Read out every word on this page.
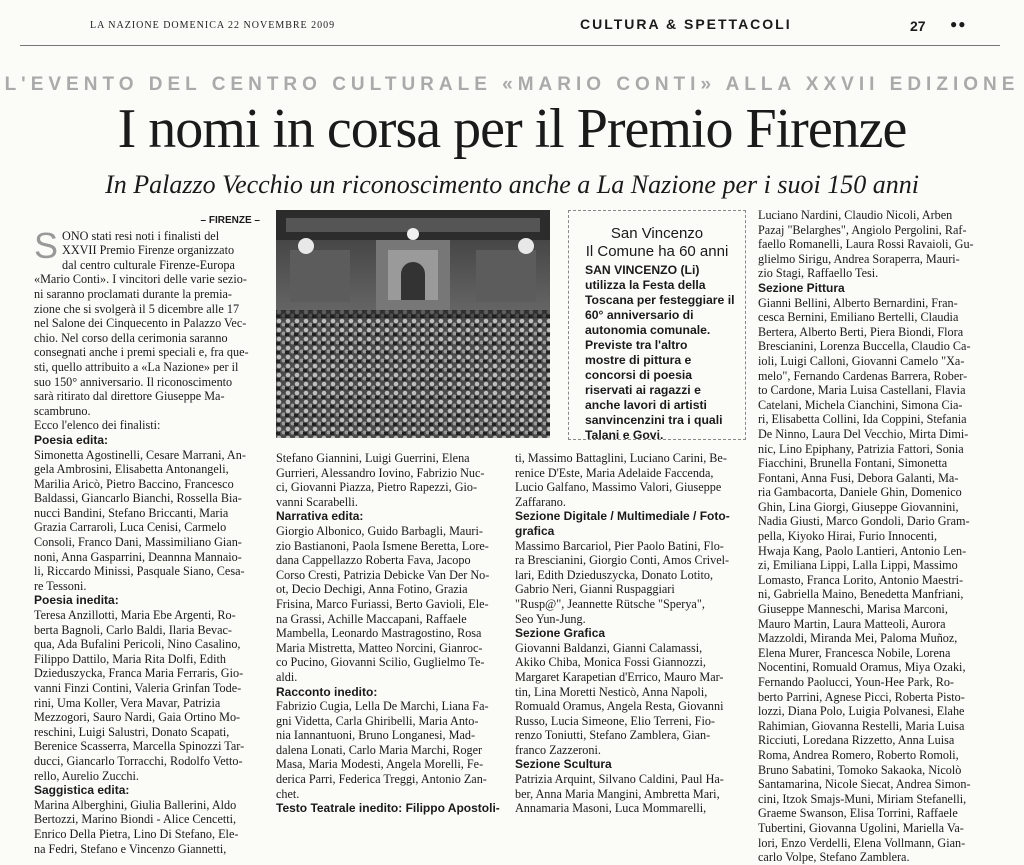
LA NAZIONE DOMENICA 22 NOVEMBRE 2009	CULTURA & SPETTACOLI	27 ●●
L'EVENTO DEL CENTRO CULTURALE «MARIO CONTI» ALLA XXVII EDIZIONE
I nomi in corsa per il Premio Firenze
In Palazzo Vecchio un riconoscimento anche a La Nazione per i suoi 150 anni
– FIRENZE –
S ONO stati resi noti i finalisti del
XXVII Premio Firenze organizzato
dal centro culturale Firenze-Europa
«Mario Conti». I vincitori delle varie sezio-
ni saranno proclamati durante la premia-
zione che si svolgerà il 5 dicembre alle 17
nel Salone dei Cinquecento in Palazzo Vec-
chio. Nel corso della cerimonia saranno
consegnati anche i premi speciali e, fra que-
sti, quello attribuito a «La Nazione» per il
suo 150° anniversario. Il riconoscimento
sarà ritirato dal direttore Giuseppe Ma-
scambruno.
Ecco l'elenco dei finalisti:

Poesia edita:

Simonetta Agostinelli, Cesare Marrani, An-

gela Ambrosini, Elisabetta Antonangeli,

Marilia Aricò, Pietro Baccino, Francesco

Baldassi, Giancarlo Bianchi, Rossella Bia-

nucci Bandini, Stefano Briccanti, Maria

Grazia Carraroli, Luca Cenisi, Carmelo

Consoli, Franco Dani, Massimiliano Gian-

noni, Anna Gasparrini, Deannna Mannaio-

li, Riccardo Minissi, Pasquale Siano, Cesa-

re Tessoni.

Poesia inedita:

Teresa Anzillotti, Maria Ebe Argenti, Ro-

berta Bagnoli, Carlo Baldi, Ilaria Bevac-

qua, Ada Bufalini Pericoli, Nino Casalino,

Filippo Dattilo, Maria Rita Dolfi, Edith

Dzieduszycka, Franca Maria Ferraris, Gio-

vanni Finzi Contini, Valeria Grinfan Tode-

rini, Uma Koller, Vera Mavar, Patrizia

Mezzogori, Sauro Nardi, Gaia Ortino Mo-

reschini, Luigi Salustri, Donato Scapati,

Berenice Scasserra, Marcella Spinozzi Tar-

ducci, Giancarlo Torracchi, Rodolfo Vetto-

rello, Aurelio Zucchi.

Saggistica edita:

Marina Alberghini, Giulia Ballerini, Aldo

Bertozzi, Marino Biondi - Alice Cencetti,

Enrico Della Pietra, Lino Di Stefano, Ele-

na Fedri, Stefano e Vincenzo Giannetti,

Stefano Giannini, Luigi Guerrini, Elena

Gurrieri, Alessandro Iovino, Fabrizio Nuc-

ci, Giovanni Piazza, Pietro Rapezzi, Gio-

vanni Scarabelli.

Narrativa edita:

Giorgio Albonico, Guido Barbagli, Mauri-

zio Bastianoni, Paola Ismene Beretta, Lore-

dana Cappellazzo Roberta Fava, Jacopo

Corso Cresti, Patrizia Debicke Van Der No-

ot, Decio Dechigi, Anna Fotino, Grazia

Frisina, Marco Furiassi, Berto Gavioli, Ele-

na Grassi, Achille Maccapani, Raffaele

Mambella, Leonardo Mastragostino, Rosa

Maria Mistretta, Matteo Norcini, Gianroc-

co Pucino, Giovanni Scilio, Guglielmo Te-

aldi.

Racconto inedito:

Fabrizio Cugia, Lella De Marchi, Liana Fa-

gni Videtta, Carla Ghiribelli, Maria Anto-

nia Iannantuoni, Bruno Longanesi, Mad-

dalena Lonati, Carlo Maria Marchi, Roger

Masa, Maria Modesti, Angela Morelli, Fe-

derica Parri, Federica Treggi, Antonio Zan-

chet.

Testo Teatrale inedito: Filippo Apostoli-

San Vincenzo
Il Comune ha 60 anni
SAN VINCENZO (Li)
utilizza la Festa della
Toscana per festeggiare il
60° anniversario di
autonomia comunale.
Previste tra l'altro
mostre di pittura e
concorsi di poesia
riservati ai ragazzi e
anche lavori di artisti
sanvincenzini tra i quali
Talani e Govi.

ti, Massimo Battaglini, Luciano Carini, Be-

renice D'Este, Maria Adelaide Faccenda,

Lucio Galfano, Massimo Valori, Giuseppe

Zaffarano.

Sezione Digitale / Multimediale / Foto-

grafica

Massimo Barcariol, Pier Paolo Batini, Flo-

ra Brescianini, Giorgio Conti, Amos Crivel-

lari, Edith Dzieduszycka, Donato Lotito,

Gabrio Neri, Gianni Ruspaggiari

"Rusp@", Jeannette Rütsche "Sperya",

Seo Yun-Jung.

Sezione Grafica

Giovanni Baldanzi, Gianni Calamassi,

Akiko Chiba, Monica Fossi Giannozzi,

Margaret Karapetian d'Errico, Mauro Mar-

tin, Lina Moretti Nesticò, Anna Napoli,

Romuald Oramus, Angela Resta, Giovanni

Russo, Lucia Simeone, Elio Terreni, Fio-

renzo Toniutti, Stefano Zamblera, Gian-

franco Zazzeroni.

Sezione Scultura

Patrizia Arquint, Silvano Caldini, Paul Ha-

ber, Anna Maria Mangini, Ambretta Mari,

Annamaria Masoni, Luca Mommarelli,

Luciano Nardini, Claudio Nicoli, Arben

Pazaj "Belarghes", Angiolo Pergolini, Raf-

faello Romanelli, Laura Rossi Ravaioli, Gu-

glielmo Sirigu, Andrea Soraperra, Mauri-

zio Stagi, Raffaello Tesi.

Sezione Pittura

Gianni Bellini, Alberto Bernardini, Fran-

cesca Bernini, Emiliano Bertelli, Claudia

Bertera, Alberto Berti, Piera Biondi, Flora

Brescianini, Lorenza Buccella, Claudio Ca-

ioli, Luigi Calloni, Giovanni Camelo "Xa-

melo", Fernando Cardenas Barrera, Rober-

to Cardone, Maria Luisa Castellani, Flavia

Catelani, Michela Cianchini, Simona Cia-

ri, Elisabetta Collini, Ida Coppini, Stefania

De Ninno, Laura Del Vecchio, Mirta Dimi-

nic, Lino Epiphany, Patrizia Fattori, Sonia

Fiacchini, Brunella Fontani, Simonetta

Fontani, Anna Fusi, Debora Galanti, Ma-

ria Gambacorta, Daniele Ghin, Domenico

Ghin, Lina Giorgi, Giuseppe Giovannini,

Nadia Giusti, Marco Gondoli, Dario Gram-

pella, Kiyoko Hirai, Furio Innocenti,

Hwaja Kang, Paolo Lantieri, Antonio Len-

zi, Emiliana Lippi, Lalla Lippi, Massimo

Lomasto, Franca Lorito, Antonio Maestri-

ni, Gabriella Maino, Benedetta Manfriani,

Giuseppe Manneschi, Marisa Marconi,

Mauro Martin, Laura Matteoli, Aurora

Mazzoldi, Miranda Mei, Paloma Muñoz,

Elena Murer, Francesca Nobile, Lorena

Nocentini, Romuald Oramus, Miya Ozaki,

Fernando Paolucci, Youn-Hee Park, Ro-

berto Parrini, Agnese Picci, Roberta Pisto-

lozzi, Diana Polo, Luigia Polvanesi, Elahe

Rahimian, Giovanna Restelli, Maria Luisa

Ricciuti, Loredana Rizzetto, Anna Luisa

Roma, Andrea Romero, Roberto Romoli,

Bruno Sabatini, Tomoko Sakaoka, Nicolò

Santamarina, Nicole Siecat, Andrea Simon-

cini, Itzok Smajs-Muni, Miriam Stefanelli,

Graeme Swanson, Elisa Torrini, Raffaele

Tubertini, Giovanna Ugolini, Mariella Va-

lori, Enzo Verdelli, Elena Vollmann, Gian-

carlo Volpe, Stefano Zamblera.
